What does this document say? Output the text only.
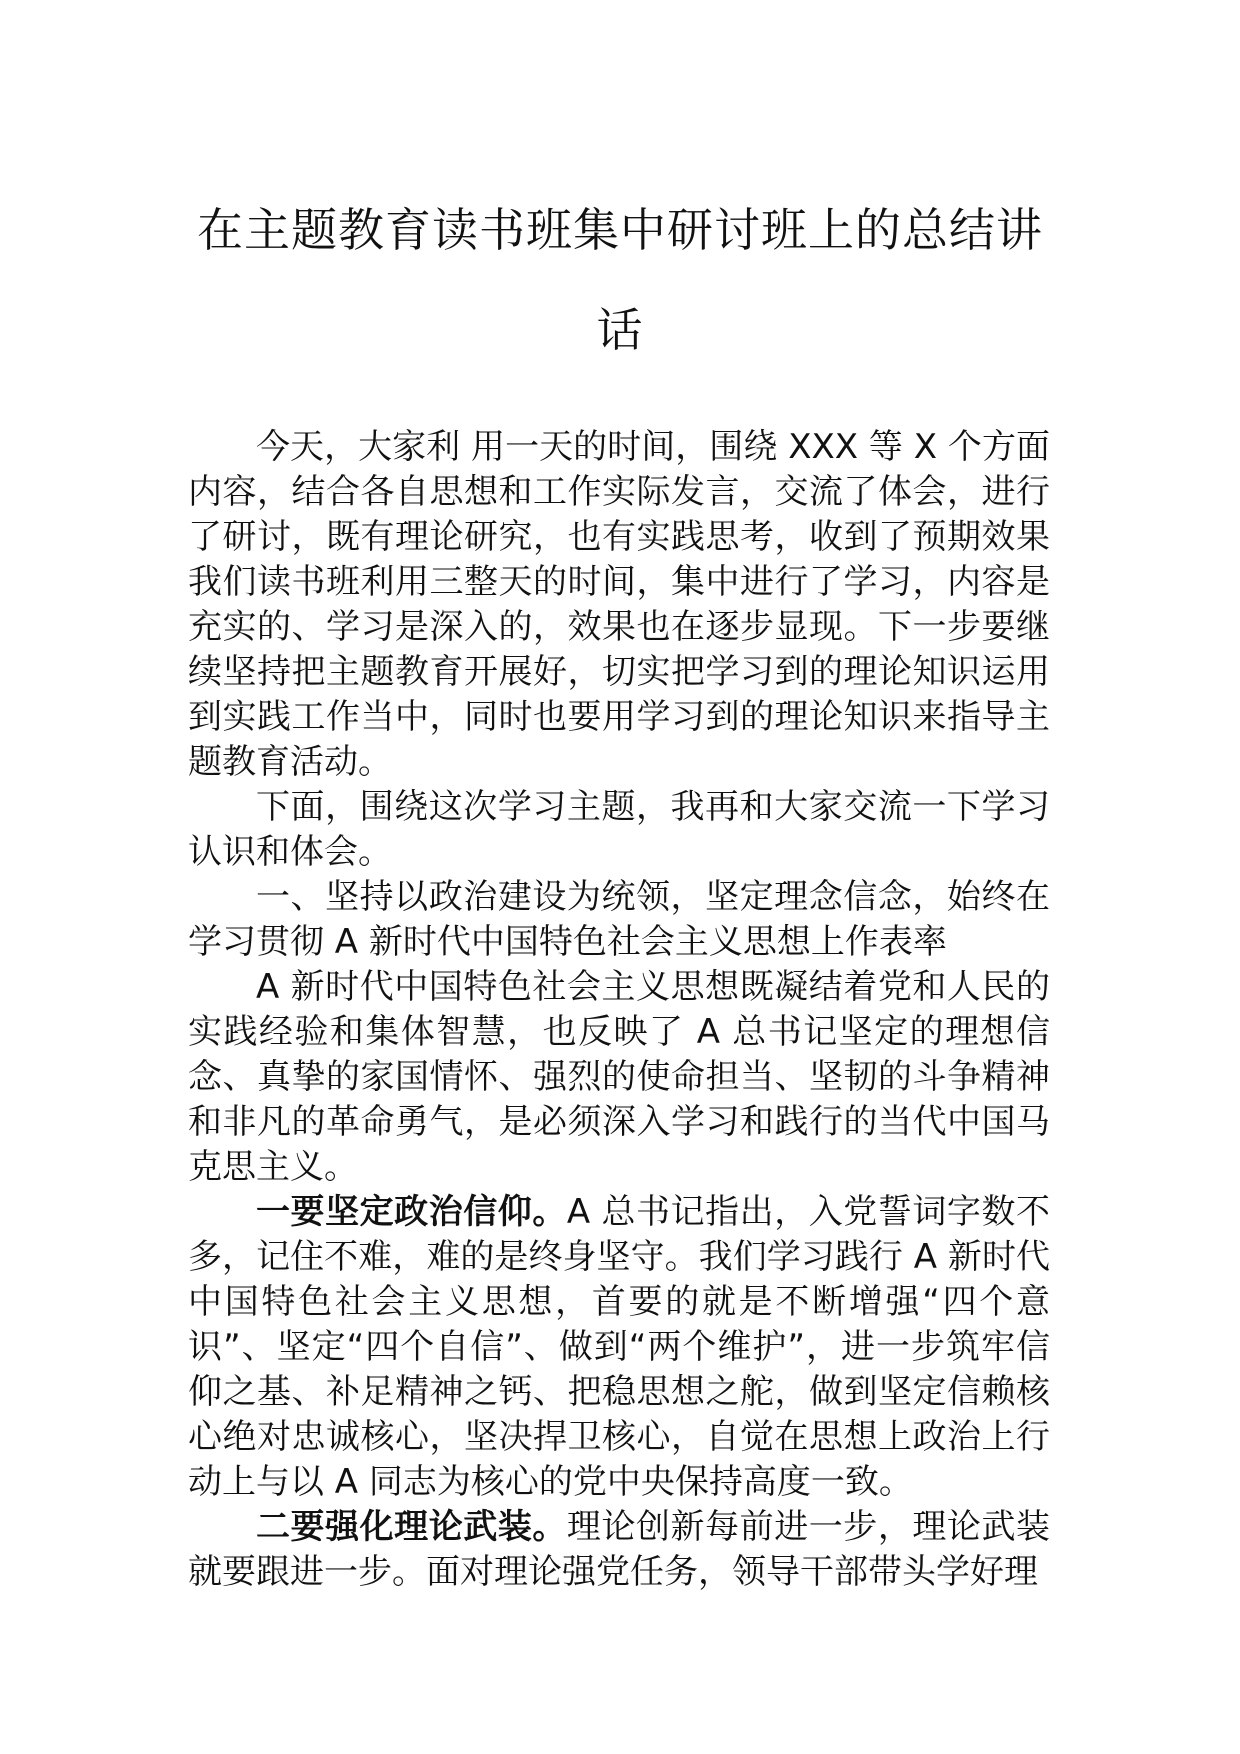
在主题教育读书班集中研讨班上的总结讲话

今天，大家利 用一天的时间，围绕 XXX 等 X 个方面内容，结合各自思想和工作实际发言，交流了体会，进行了研讨，既有理论研究，也有实践思考，收到了预期效果我们读书班利用三整天的时间，集中进行了学习，内容是充实的、学习是深入的，效果也在逐步显现。下一步要继续坚持把主题教育开展好，切实把学习到的理论知识运用到实践工作当中，同时也要用学习到的理论知识来指导主题教育活动。

下面，围绕这次学习主题，我再和大家交流一下学习认识和体会。

一、坚持以政治建设为统领，坚定理念信念，始终在学习贯彻 A 新时代中国特色社会主义思想上作表率

A 新时代中国特色社会主义思想既凝结着党和人民的实践经验和集体智慧，也反映了 A 总书记坚定的理想信念、真挚的家国情怀、强烈的使命担当、坚韧的斗争精神和非凡的革命勇气，是必须深入学习和践行的当代中国马克思主义。

一要坚定政治信仰。A 总书记指出，入党誓词字数不多，记住不难，难的是终身坚守。我们学习践行 A 新时代中国特色社会主义思想，首要的就是不断增强“四个意识”、坚定“四个自信”、做到“两个维护”，进一步筑牢信仰之基、补足精神之钙、把稳思想之舵，做到坚定信赖核心绝对忠诚核心，坚决捍卫核心，自觉在思想上政治上行动上与以 A 同志为核心的党中央保持高度一致。

二要强化理论武装。理论创新每前进一步，理论武装就要跟进一步。面对理论强党任务，领导干部带头学好理
